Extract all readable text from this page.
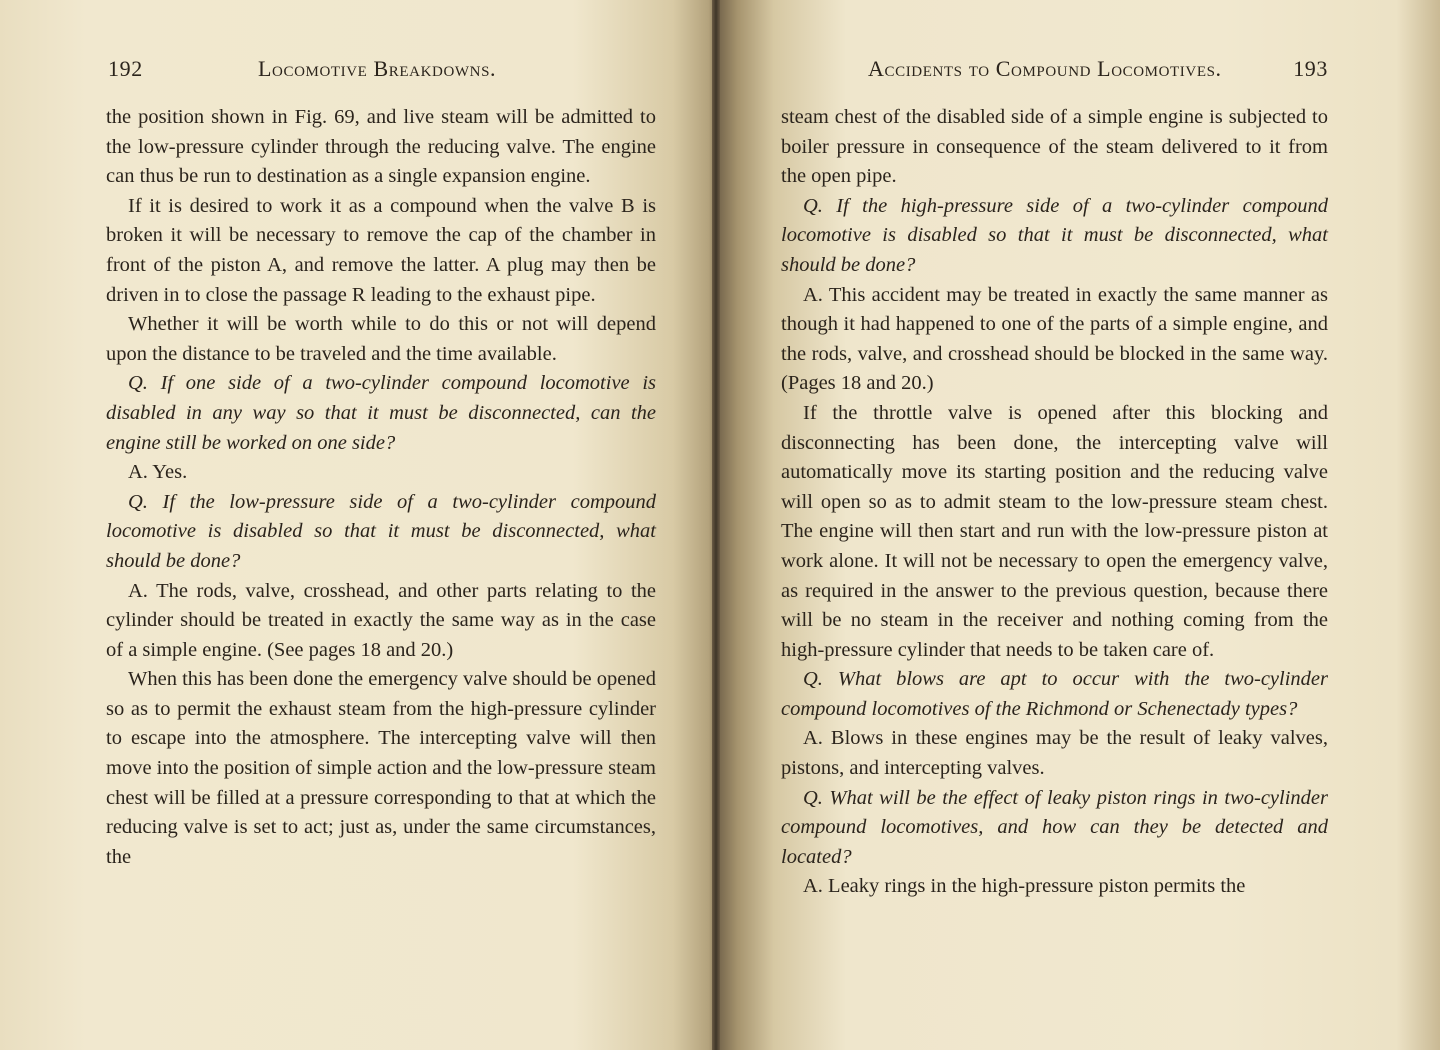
192	Locomotive Breakdowns.

the position shown in Fig. 69, and live steam will be admitted to the low-pressure cylinder through the reducing valve. The engine can thus be run to destination as a single expansion engine.

If it is desired to work it as a compound when the valve B is broken it will be necessary to remove the cap of the chamber in front of the piston A, and remove the latter. A plug may then be driven in to close the passage R leading to the exhaust pipe.

Whether it will be worth while to do this or not will depend upon the distance to be traveled and the time available.

Q. If one side of a two-cylinder compound locomotive is disabled in any way so that it must be disconnected, can the engine still be worked on one side?

A. Yes.

Q. If the low-pressure side of a two-cylinder compound locomotive is disabled so that it must be disconnected, what should be done?

A. The rods, valve, crosshead, and other parts relating to the cylinder should be treated in exactly the same way as in the case of a simple engine. (See pages 18 and 20.)

When this has been done the emergency valve should be opened so as to permit the exhaust steam from the high-pressure cylinder to escape into the atmosphere. The intercepting valve will then move into the position of simple action and the low-pressure steam chest will be filled at a pressure corresponding to that at which the reducing valve is set to act; just as, under the same circumstances, the

Accidents to Compound Locomotives.	193

steam chest of the disabled side of a simple engine is subjected to boiler pressure in consequence of the steam delivered to it from the open pipe.

Q. If the high-pressure side of a two-cylinder compound locomotive is disabled so that it must be disconnected, what should be done?

A. This accident may be treated in exactly the same manner as though it had happened to one of the parts of a simple engine, and the rods, valve, and crosshead should be blocked in the same way. (Pages 18 and 20.)

If the throttle valve is opened after this blocking and disconnecting has been done, the intercepting valve will automatically move its starting position and the reducing valve will open so as to admit steam to the low-pressure steam chest. The engine will then start and run with the low-pressure piston at work alone. It will not be necessary to open the emergency valve, as required in the answer to the previous question, because there will be no steam in the receiver and nothing coming from the high-pressure cylinder that needs to be taken care of.

Q. What blows are apt to occur with the two-cylinder compound locomotives of the Richmond or Schenectady types?

A. Blows in these engines may be the result of leaky valves, pistons, and intercepting valves.

Q. What will be the effect of leaky piston rings in two-cylinder compound locomotives, and how can they be detected and located?

A. Leaky rings in the high-pressure piston permits the
